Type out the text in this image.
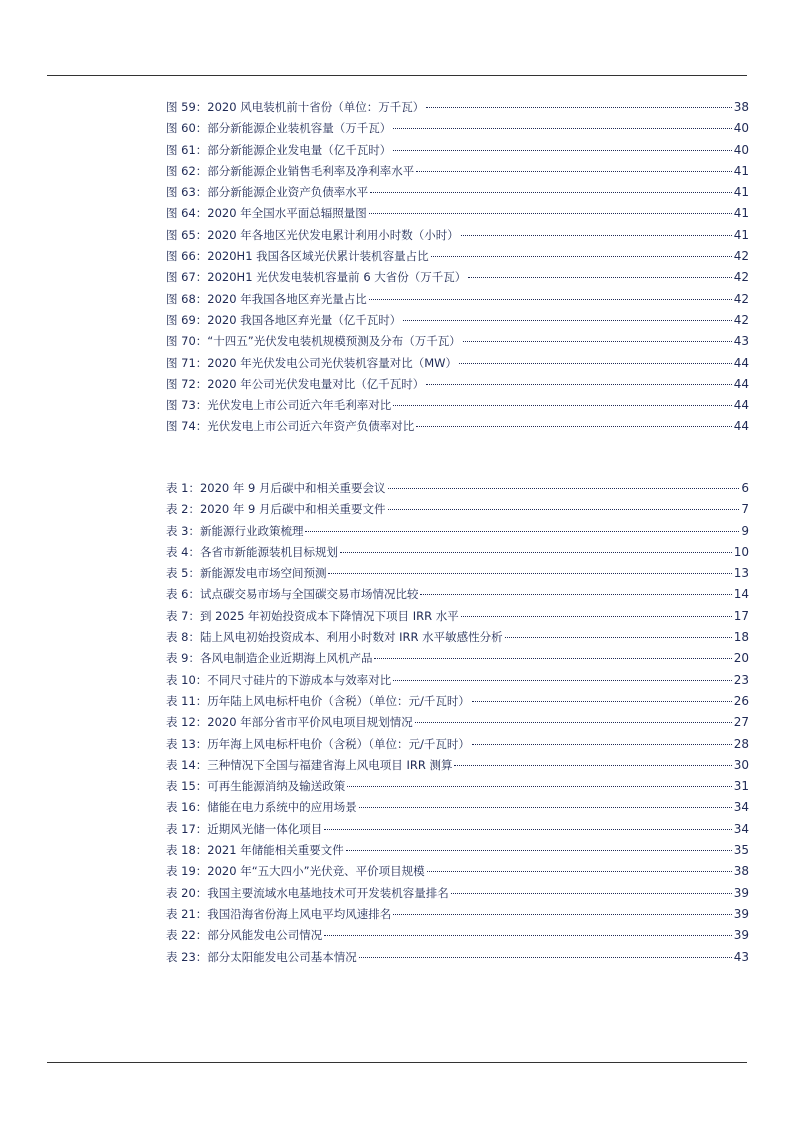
图 59：2020 风电装机前十省份（单位：万千瓦）	38
图 60：部分新能源企业装机容量（万千瓦）	40
图 61：部分新能源企业发电量（亿千瓦时）	40
图 62：部分新能源企业销售毛利率及净利率水平	41
图 63：部分新能源企业资产负债率水平	41
图 64：2020 年全国水平面总辐照量图	41
图 65：2020 年各地区光伏发电累计利用小时数（小时）	41
图 66：2020H1 我国各区域光伏累计装机容量占比	42
图 67：2020H1 光伏发电装机容量前 6 大省份（万千瓦）	42
图 68：2020 年我国各地区弃光量占比	42
图 69：2020 我国各地区弃光量（亿千瓦时）	42
图 70：“十四五”光伏发电装机规模预测及分布（万千瓦）	43
图 71：2020 年光伏发电公司光伏装机容量对比（MW）	44
图 72：2020 年公司光伏发电量对比（亿千瓦时）	44
图 73：光伏发电上市公司近六年毛利率对比	44
图 74：光伏发电上市公司近六年资产负债率对比	44
表 1：2020 年 9 月后碳中和相关重要会议	6
表 2：2020 年 9 月后碳中和相关重要文件	7
表 3：新能源行业政策梳理	9
表 4：各省市新能源装机目标规划	10
表 5：新能源发电市场空间预测	13
表 6：试点碳交易市场与全国碳交易市场情况比较	14
表 7：到 2025 年初始投资成本下降情况下项目 IRR 水平	17
表 8：陆上风电初始投资成本、利用小时数对 IRR 水平敏感性分析	18
表 9：各风电制造企业近期海上风机产品	20
表 10：不同尺寸硅片的下游成本与效率对比	23
表 11：历年陆上风电标杆电价（含税）（单位：元/千瓦时）	26
表 12：2020 年部分省市平价风电项目规划情况	27
表 13：历年海上风电标杆电价（含税）（单位：元/千瓦时）	28
表 14：三种情况下全国与福建省海上风电项目 IRR 测算	30
表 15：可再生能源消纳及输送政策	31
表 16：储能在电力系统中的应用场景	34
表 17：近期风光储一体化项目	34
表 18：2021 年储能相关重要文件	35
表 19：2020 年“五大四小”光伏竞、平价项目规模	38
表 20：我国主要流域水电基地技术可开发装机容量排名	39
表 21：我国沿海省份海上风电平均风速排名	39
表 22：部分风能发电公司情况	39
表 23：部分太阳能发电公司基本情况	43
